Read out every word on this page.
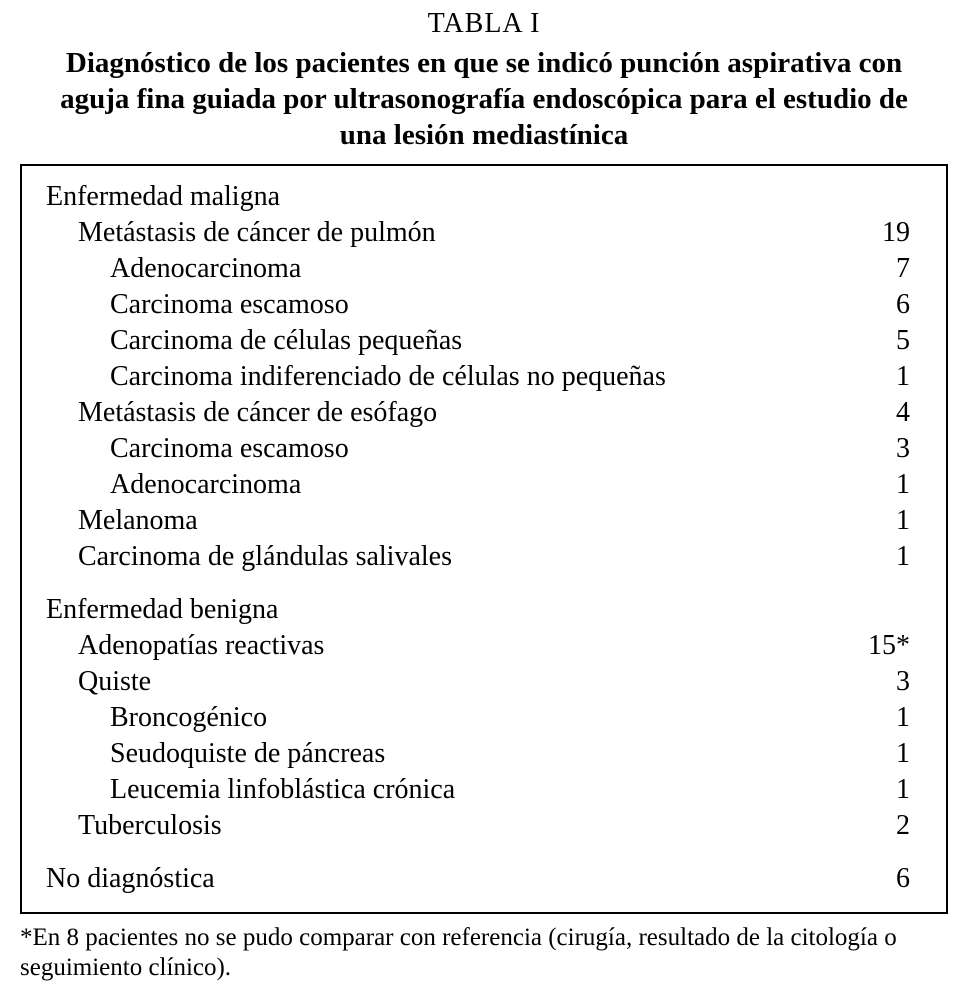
TABLA I
Diagnóstico de los pacientes en que se indicó punción aspirativa con aguja fina guiada por ultrasonografía endoscópica para el estudio de una lesión mediastínica
Enfermedad maligna
Metástasis de cáncer de pulmón	19
Adenocarcinoma	7
Carcinoma escamoso	6
Carcinoma de células pequeñas	5
Carcinoma indiferenciado de células no pequeñas	1
Metástasis de cáncer de esófago	4
Carcinoma escamoso	3
Adenocarcinoma	1
Melanoma	1
Carcinoma de glándulas salivales	1
Enfermedad benigna
Adenopatías reactivas	15*
Quiste	3
Broncogénico	1
Seudoquiste de páncreas	1
Leucemia linfoblástica crónica	1
Tuberculosis	2
No diagnóstica	6
*En 8 pacientes no se pudo comparar con referencia (cirugía, resultado de la citología o seguimiento clínico).
